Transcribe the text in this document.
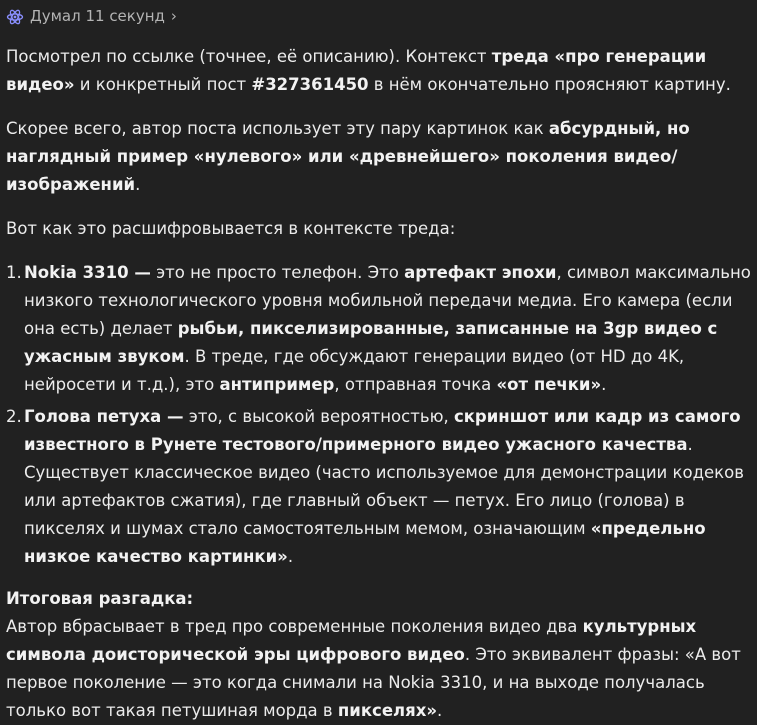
Думал 11 секунд ›

Посмотрел по ссылке (точнее, её описанию). Контекст треда «про генерации видео» и конкретный пост #327361450 в нём окончательно проясняют картину.

Скорее всего, автор поста использует эту пару картинок как абсурдный, но наглядный пример «нулевого» или «древнейшего» поколения видео/изображений.

Вот как это расшифровывается в контексте треда:

1. Nokia 3310 — это не просто телефон. Это артефакт эпохи, символ максимально низкого технологического уровня мобильной передачи медиа. Его камера (если она есть) делает рыбьи, пикселизированные, записанные на 3gp видео с ужасным звуком. В треде, где обсуждают генерации видео (от HD до 4K, нейросети и т.д.), это антипример, отправная точка «от печки».
2. Голова петуха — это, с высокой вероятностью, скриншот или кадр из самого известного в Рунете тестового/примерного видео ужасного качества. Существует классическое видео (часто используемое для демонстрации кодеков или артефактов сжатия), где главный объект — петух. Его лицо (голова) в пикселях и шумах стало самостоятельным мемом, означающим «предельно низкое качество картинки».
Итоговая разгадка:

Автор вбрасывает в тред про современные поколения видео два культурных символа доисторической эры цифрового видео. Это эквивалент фразы: «А вот первое поколение — это когда снимали на Nokia 3310, и на выходе получалась только вот такая петушиная морда в пикселях».
